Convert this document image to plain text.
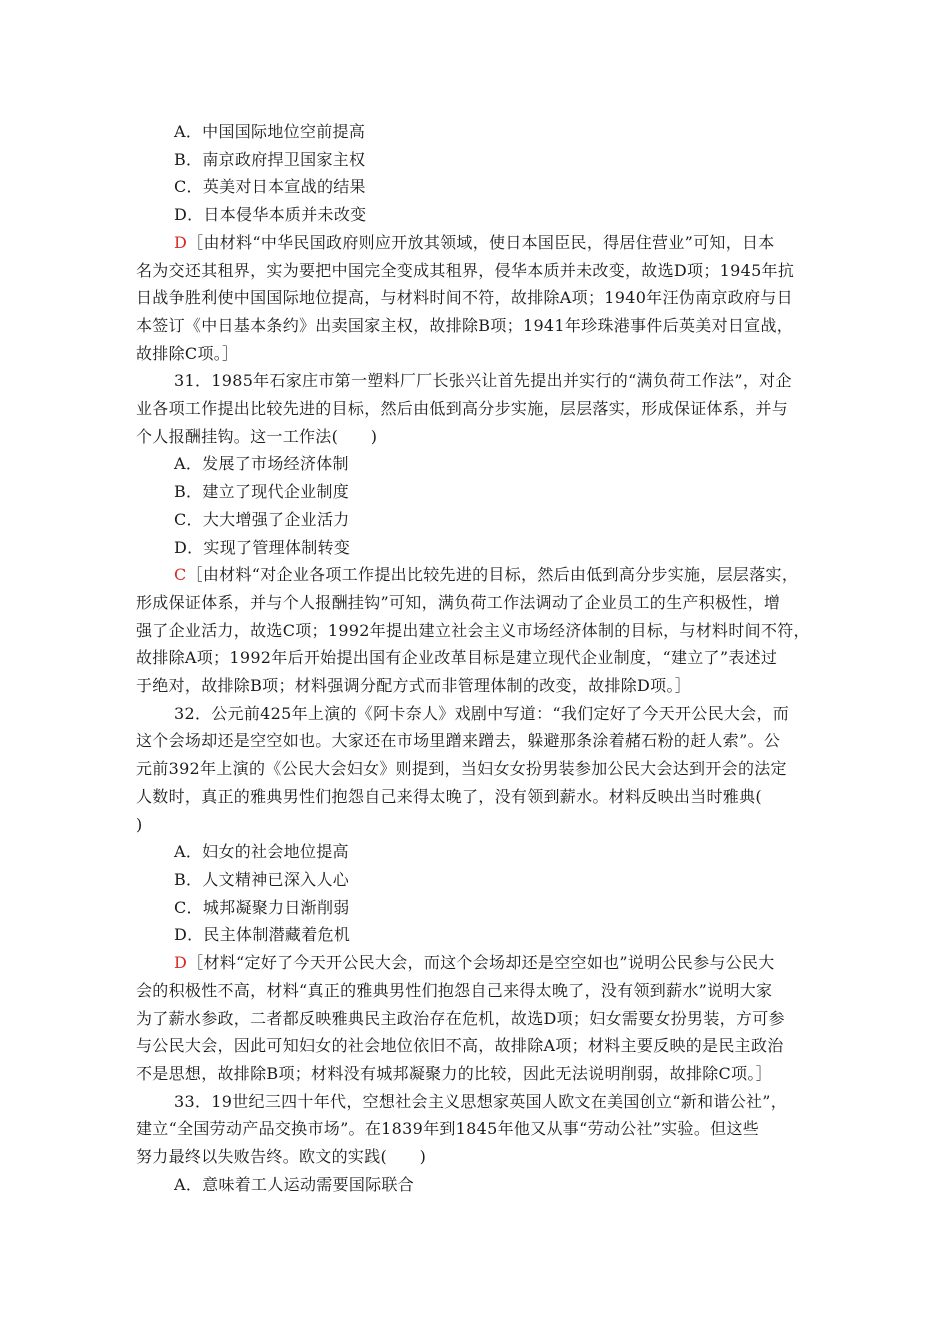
A．中国国际地位空前提高
B．南京政府捍卫国家主权
C．英美对日本宣战的结果
D．日本侵华本质并未改变
D［由材料“中华民国政府则应开放其领域，使日本国臣民，得居住营业”可知，日本
名为交还其租界，实为要把中国完全变成其租界，侵华本质并未改变，故选D项；1945年抗
日战争胜利使中国国际地位提高，与材料时间不符，故排除A项；1940年汪伪南京政府与日
本签订《中日基本条约》出卖国家主权，故排除B项；1941年珍珠港事件后英美对日宣战，
故排除C项。］
31．1985年石家庄市第一塑料厂厂长张兴让首先提出并实行的“满负荷工作法”，对企
业各项工作提出比较先进的目标，然后由低到高分步实施，层层落实，形成保证体系，并与
个人报酬挂钩。这一工作法(　　)
A．发展了市场经济体制
B．建立了现代企业制度
C．大大增强了企业活力
D．实现了管理体制转变
C［由材料“对企业各项工作提出比较先进的目标，然后由低到高分步实施，层层落实，
形成保证体系，并与个人报酬挂钩”可知，满负荷工作法调动了企业员工的生产积极性，增
强了企业活力，故选C项；1992年提出建立社会主义市场经济体制的目标，与材料时间不符，
故排除A项；1992年后开始提出国有企业改革目标是建立现代企业制度，“建立了”表述过
于绝对，故排除B项；材料强调分配方式而非管理体制的改变，故排除D项。］
32．公元前425年上演的《阿卡奈人》戏剧中写道：“我们定好了今天开公民大会，而
这个会场却还是空空如也。大家还在市场里蹭来蹭去，躲避那条涂着赭石粉的赶人索”。公
元前392年上演的《公民大会妇女》则提到，当妇女女扮男装参加公民大会达到开会的法定
人数时，真正的雅典男性们抱怨自己来得太晚了，没有领到薪水。材料反映出当时雅典(
)
A．妇女的社会地位提高
B．人文精神已深入人心
C．城邦凝聚力日渐削弱
D．民主体制潜藏着危机
D［材料“定好了今天开公民大会，而这个会场却还是空空如也”说明公民参与公民大
会的积极性不高，材料“真正的雅典男性们抱怨自己来得太晚了，没有领到薪水”说明大家
为了薪水参政，二者都反映雅典民主政治存在危机，故选D项；妇女需要女扮男装，方可参
与公民大会，因此可知妇女的社会地位依旧不高，故排除A项；材料主要反映的是民主政治
不是思想，故排除B项；材料没有城邦凝聚力的比较，因此无法说明削弱，故排除C项。］
33．19世纪三四十年代，空想社会主义思想家英国人欧文在美国创立“新和谐公社”，
建立“全国劳动产品交换市场”。在1839年到1845年他又从事“劳动公社”实验。但这些
努力最终以失败告终。欧文的实践(　　)
A．意味着工人运动需要国际联合
